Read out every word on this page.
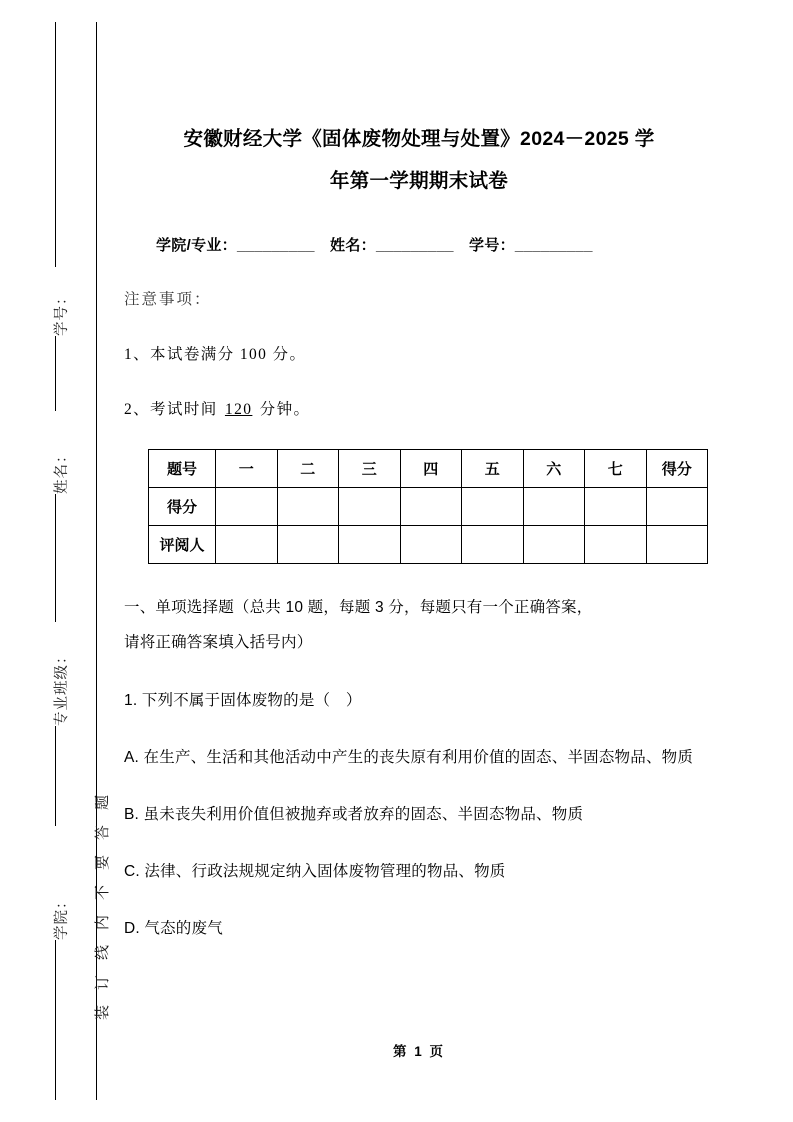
学号：
姓名：
专业班级：
学院： 装　订　线　内　不　要　答　题
安徽财经大学《固体废物处理与处置》2024－2025 学
年第一学期期末试卷

学院/专业：_________　姓名：_________　学号：_________

注意事项：

1、本试卷满分 100 分。

2、考试时间 120 分钟。

题号	一	二	三	四	五	六	七	得分
得分								
评阅人								

一、单项选择题（总共 10 题，每题 3 分，每题只有一个正确答案，
请将正确答案填入括号内）

1. 下列不属于固体废物的是（　）

A. 在生产、生活和其他活动中产生的丧失原有利用价值的固态、半固态物品、物质

B. 虽未丧失利用价值但被抛弃或者放弃的固态、半固态物品、物质

C. 法律、行政法规规定纳入固体废物管理的物品、物质

D. 气态的废气

第 1 页
